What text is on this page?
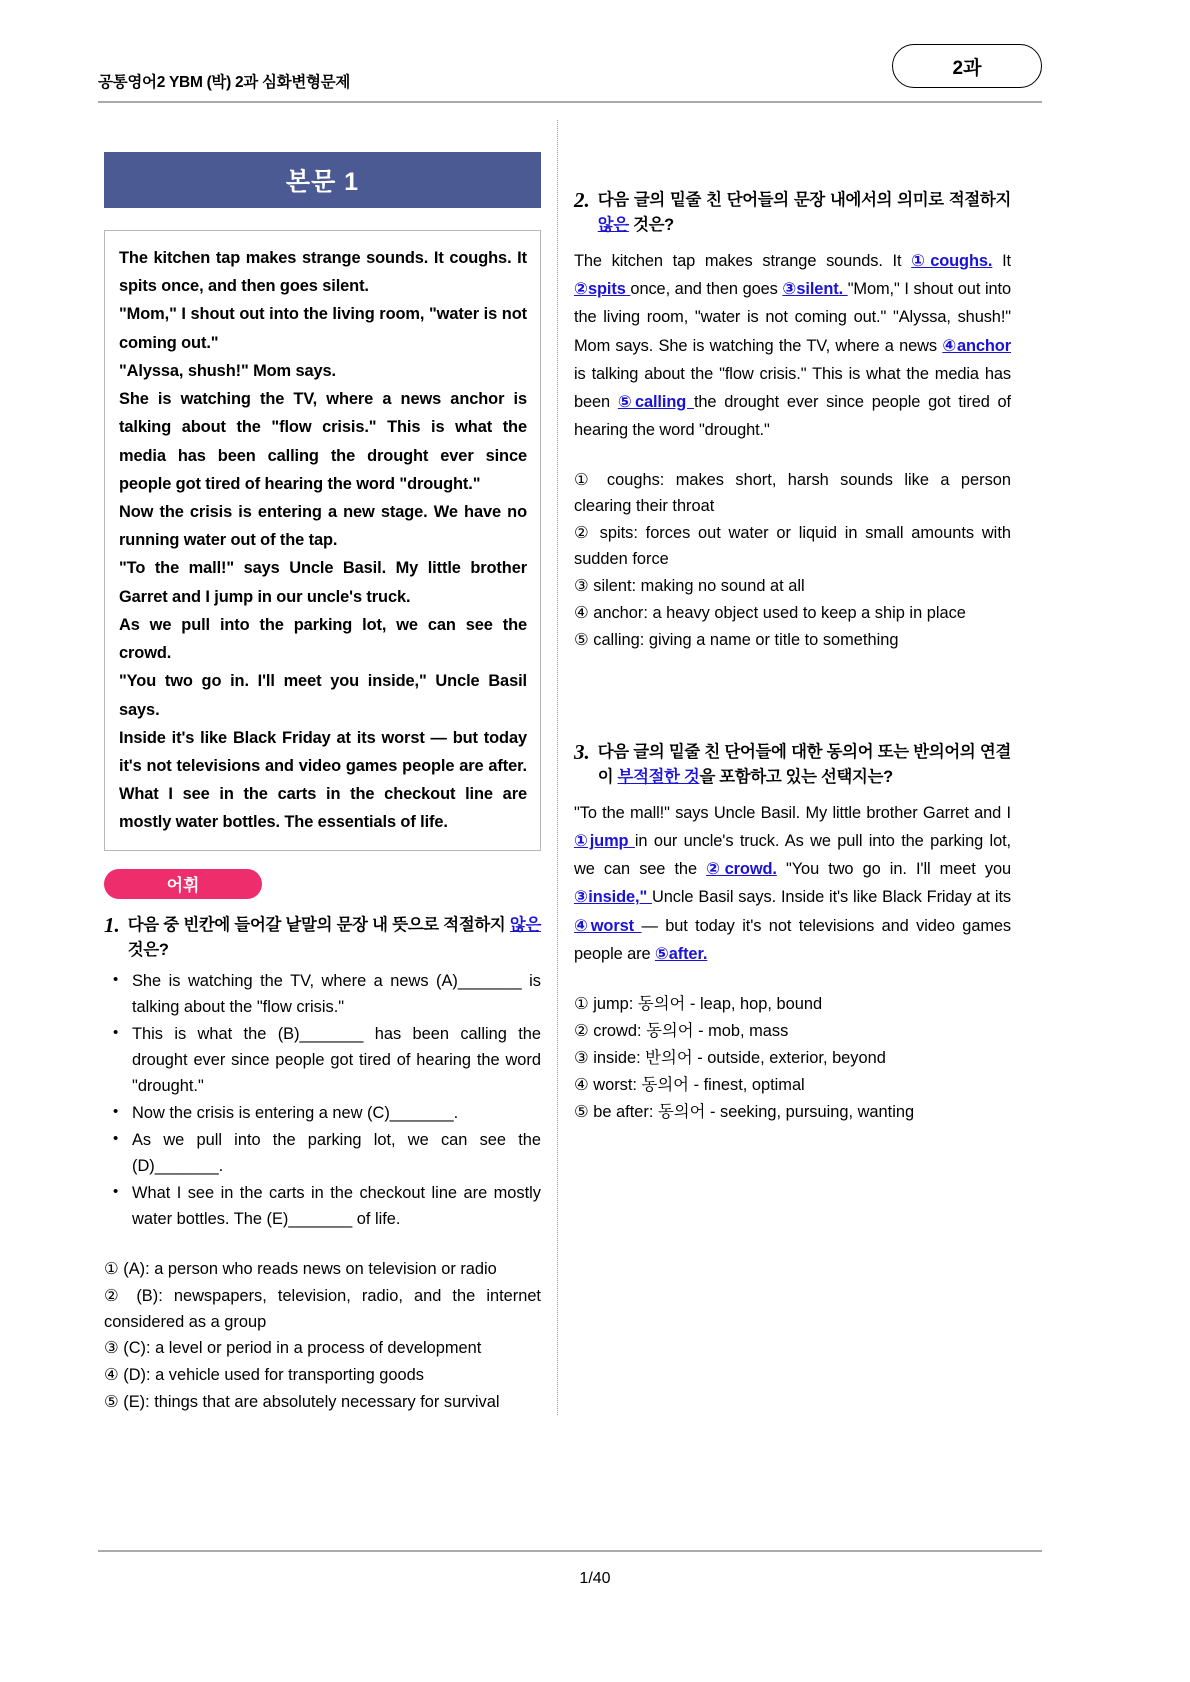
공통영어2 YBM (박) 2과 심화변형문제
2과
본문 1

The kitchen tap makes strange sounds. It coughs. It spits once, and then goes silent.
"Mom," I shout out into the living room, "water is not coming out."
"Alyssa, shush!" Mom says.
She is watching the TV, where a news anchor is talking about the "flow crisis." This is what the media has been calling the drought ever since people got tired of hearing the word "drought."
Now the crisis is entering a new stage. We have no running water out of the tap.
"To the mall!" says Uncle Basil. My little brother Garret and I jump in our uncle's truck.
As we pull into the parking lot, we can see the crowd.
"You two go in. I'll meet you inside," Uncle Basil says.
Inside it's like Black Friday at its worst — but today it's not televisions and video games people are after. What I see in the carts in the checkout line are mostly water bottles. The essentials of life.

어휘
1. 다음 중 빈칸에 들어갈 낱말의 문장 내 뜻으로 적절하지 않은 것은?
• She is watching the TV, where a news (A)_______ is talking about the "flow crisis."
• This is what the (B)_______ has been calling the drought ever since people got tired of hearing the word "drought."
• Now the crisis is entering a new (C)_______.
• As we pull into the parking lot, we can see the (D)_______.
• What I see in the carts in the checkout line are mostly water bottles. The (E)_______ of life.
① (A): a person who reads news on television or radio
② (B): newspapers, television, radio, and the internet considered as a group
③ (C): a level or period in a process of development
④ (D): a vehicle used for transporting goods
⑤ (E): things that are absolutely necessary for survival
2. 다음 글의 밑줄 친 단어들의 문장 내에서의 의미로 적절하지 않은 것은?
The kitchen tap makes strange sounds. It ①coughs. It ②spits once, and then goes ③silent. "Mom," I shout out into the living room, "water is not coming out." "Alyssa, shush!" Mom says. She is watching the TV, where a news ④anchor is talking about the "flow crisis." This is what the media has been ⑤calling the drought ever since people got tired of hearing the word "drought."
① coughs: makes short, harsh sounds like a person clearing their throat
② spits: forces out water or liquid in small amounts with sudden force
③ silent: making no sound at all
④ anchor: a heavy object used to keep a ship in place
⑤ calling: giving a name or title to something
3. 다음 글의 밑줄 친 단어들에 대한 동의어 또는 반의어의 연결이 부적절한 것을 포함하고 있는 선택지는?
"To the mall!" says Uncle Basil. My little brother Garret and I ①jump in our uncle's truck. As we pull into the parking lot, we can see the ②crowd. "You two go in. I'll meet you ③inside," Uncle Basil says. Inside it's like Black Friday at its ④worst — but today it's not televisions and video games people are ⑤after.
① jump: 동의어 - leap, hop, bound
② crowd: 동의어 - mob, mass
③ inside: 반의어 - outside, exterior, beyond
④ worst: 동의어 - finest, optimal
⑤ be after: 동의어 - seeking, pursuing, wanting
1/40
